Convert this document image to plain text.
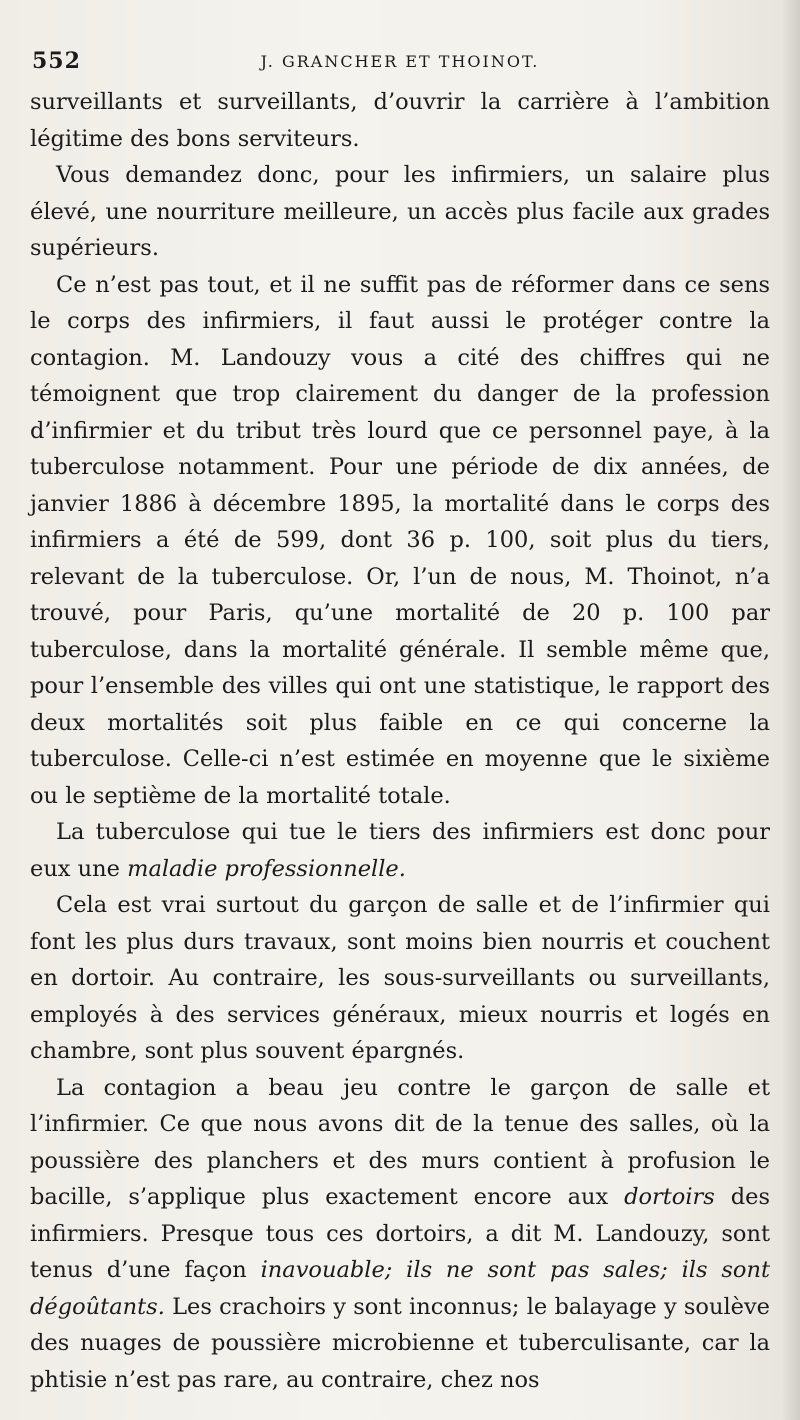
552	J. GRANCHER ET THOINOT.

surveillants et surveillants, d’ouvrir la carrière à l’ambition légitime des bons serviteurs.

Vous demandez donc, pour les infirmiers, un salaire plus élevé, une nourriture meilleure, un accès plus facile aux grades supérieurs.

Ce n’est pas tout, et il ne suffit pas de réformer dans ce sens le corps des infirmiers, il faut aussi le protéger contre la contagion. M. Landouzy vous a cité des chiffres qui ne témoignent que trop clairement du danger de la profession d’infirmier et du tribut très lourd que ce personnel paye, à la tuberculose notamment. Pour une période de dix années, de janvier 1886 à décembre 1895, la mortalité dans le corps des infirmiers a été de 599, dont 36 p. 100, soit plus du tiers, relevant de la tuberculose. Or, l’un de nous, M. Thoinot, n’a trouvé, pour Paris, qu’une mortalité de 20 p. 100 par tuberculose, dans la mortalité générale. Il semble même que, pour l’ensemble des villes qui ont une statistique, le rapport des deux mortalités soit plus faible en ce qui concerne la tuberculose. Celle-ci n’est estimée en moyenne que le sixième ou le septième de la mortalité totale.

La tuberculose qui tue le tiers des infirmiers est donc pour eux une maladie professionnelle.

Cela est vrai surtout du garçon de salle et de l’infirmier qui font les plus durs travaux, sont moins bien nourris et couchent en dortoir. Au contraire, les sous-surveillants ou surveillants, employés à des services généraux, mieux nourris et logés en chambre, sont plus souvent épargnés.

La contagion a beau jeu contre le garçon de salle et l’infirmier. Ce que nous avons dit de la tenue des salles, où la poussière des planchers et des murs contient à profusion le bacille, s’applique plus exactement encore aux dortoirs des infirmiers. Presque tous ces dortoirs, a dit M. Landouzy, sont tenus d’une façon inavouable; ils ne sont pas sales; ils sont dégoûtants. Les crachoirs y sont inconnus; le balayage y soulève des nuages de poussière microbienne et tuberculisante, car la phtisie n’est pas rare, au contraire, chez nos
